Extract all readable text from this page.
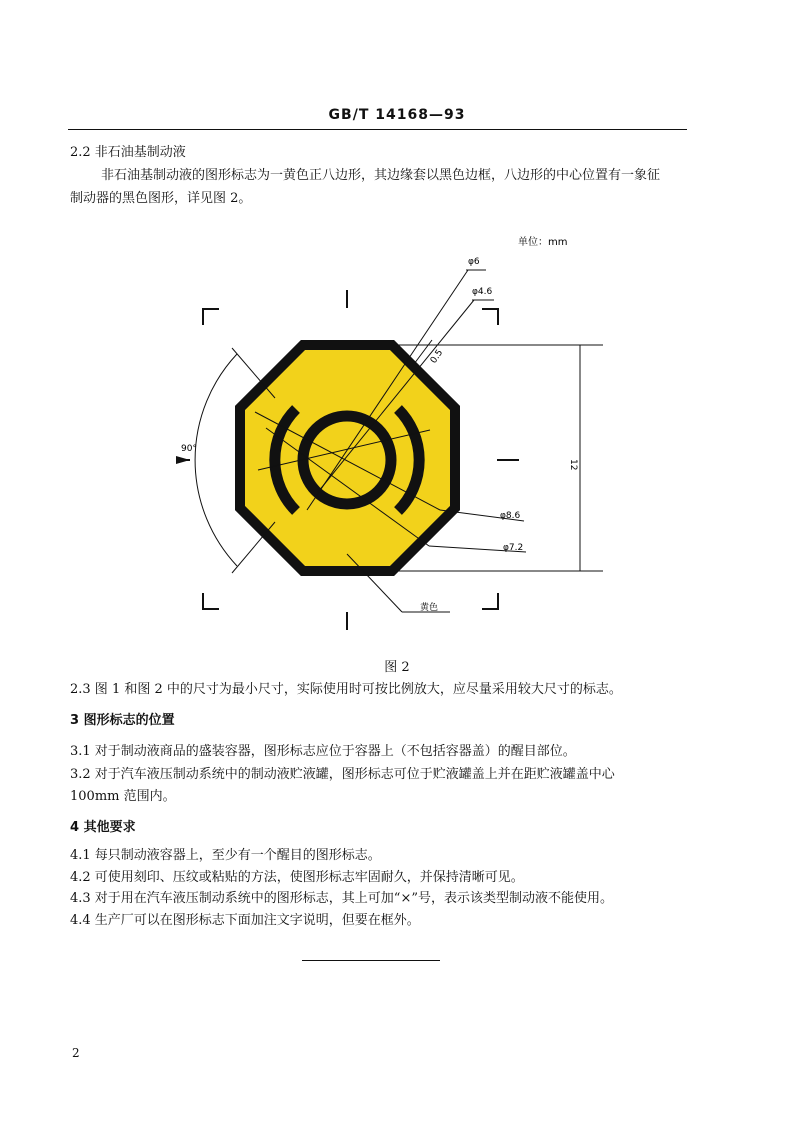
GB/T 14168—93
2.2 非石油基制动液
非石油基制动液的图形标志为一黄色正八边形，其边缘套以黑色边框，八边形的中心位置有一象征
制动器的黑色图形，详见图 2。
单位：mm
φ6
φ4.6
0.5
90°
12
φ8.6
φ7.2
黄色
图 2
2.3 图 1 和图 2 中的尺寸为最小尺寸，实际使用时可按比例放大，应尽量采用较大尺寸的标志。
3 图形标志的位置
3.1 对于制动液商品的盛装容器，图形标志应位于容器上（不包括容器盖）的醒目部位。
3.2 对于汽车液压制动系统中的制动液贮液罐，图形标志可位于贮液罐盖上并在距贮液罐盖中心
100mm 范围内。
4 其他要求
4.1 每只制动液容器上，至少有一个醒目的图形标志。
4.2 可使用刻印、压纹或粘贴的方法，使图形标志牢固耐久，并保持清晰可见。
4.3 对于用在汽车液压制动系统中的图形标志，其上可加“×”号，表示该类型制动液不能使用。
4.4 生产厂可以在图形标志下面加注文字说明，但要在框外。
2
